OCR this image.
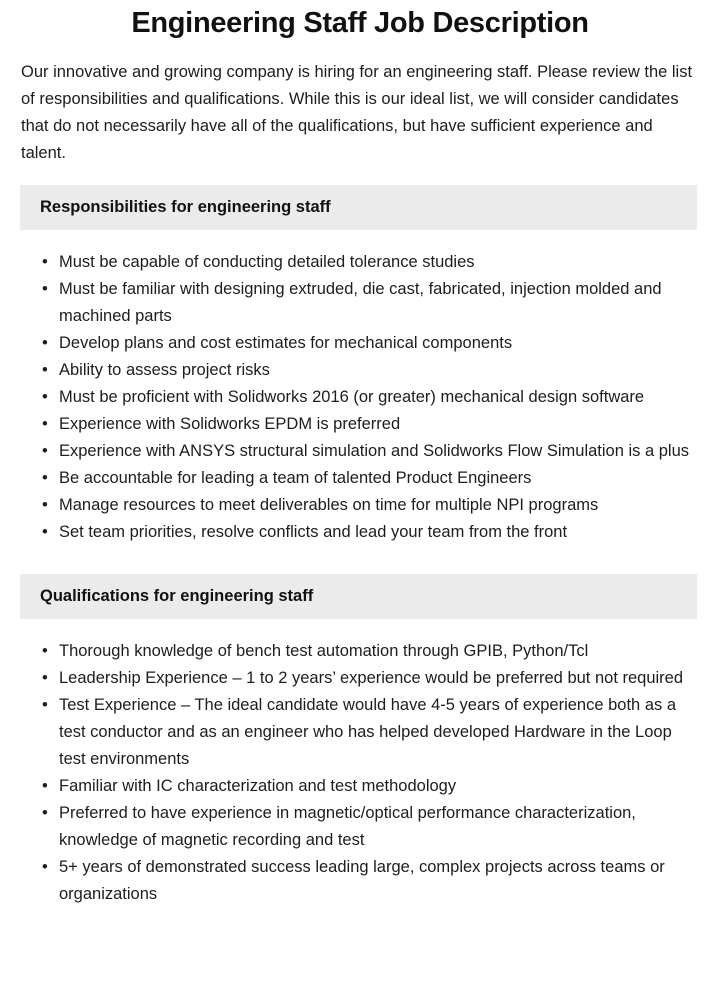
Engineering Staff Job Description

Our innovative and growing company is hiring for an engineering staff. Please review the list of responsibilities and qualifications. While this is our ideal list, we will consider candidates that do not necessarily have all of the qualifications, but have sufficient experience and talent.

Responsibilities for engineering staff
• Must be capable of conducting detailed tolerance studies
• Must be familiar with designing extruded, die cast, fabricated, injection molded and machined parts
• Develop plans and cost estimates for mechanical components
• Ability to assess project risks
• Must be proficient with Solidworks 2016 (or greater) mechanical design software
• Experience with Solidworks EPDM is preferred
• Experience with ANSYS structural simulation and Solidworks Flow Simulation is a plus
• Be accountable for leading a team of talented Product Engineers
• Manage resources to meet deliverables on time for multiple NPI programs
• Set team priorities, resolve conflicts and lead your team from the front
Qualifications for engineering staff
• Thorough knowledge of bench test automation through GPIB, Python/Tcl
• Leadership Experience – 1 to 2 years’ experience would be preferred but not required
• Test Experience – The ideal candidate would have 4-5 years of experience both as a test conductor and as an engineer who has helped developed Hardware in the Loop test environments
• Familiar with IC characterization and test methodology
• Preferred to have experience in magnetic/optical performance characterization, knowledge of magnetic recording and test
• 5+ years of demonstrated success leading large, complex projects across teams or organizations
